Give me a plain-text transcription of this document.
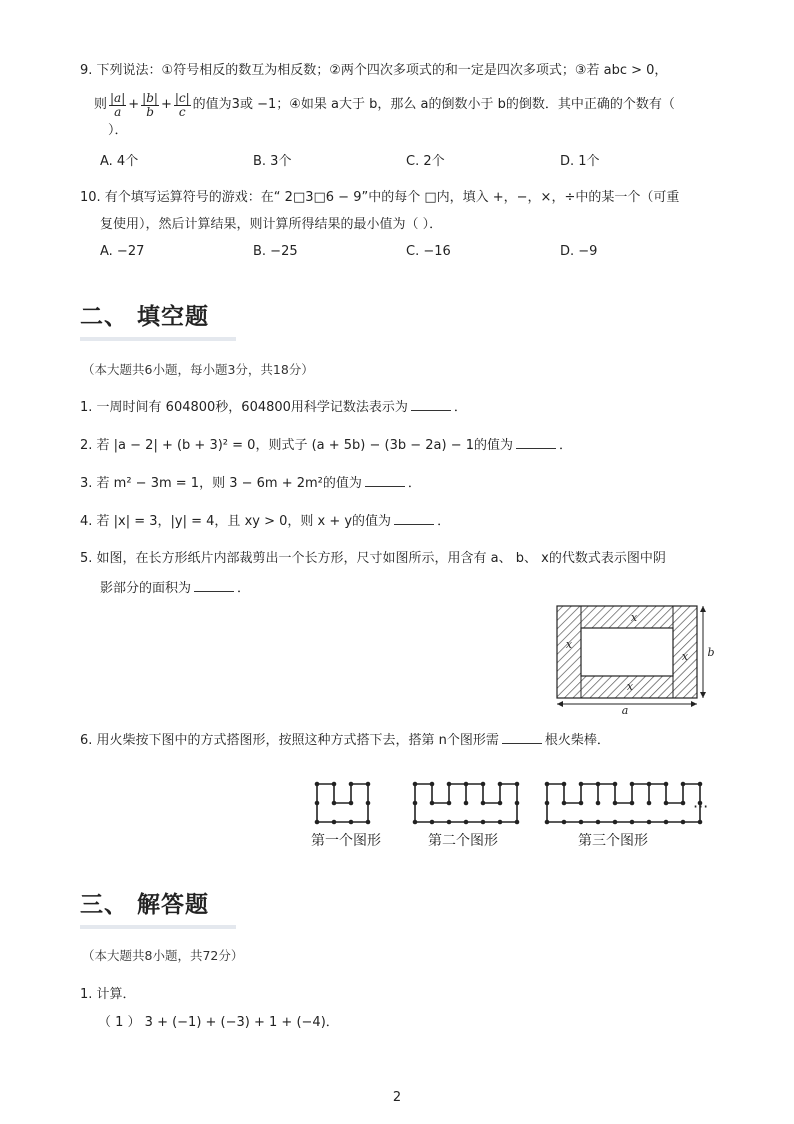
9. 下列说法：①符号相反的数互为相反数；②两个四次多项式的和一定是四次多项式；③若 abc > 0，
则 $\frac{|a|}{a} + \frac{|b|}{b} + \frac{|c|}{c}$ 的值为3或 −1；④如果 a大于 b，那么 a的倒数小于 b的倒数．其中正确的个数有（
）．
A. 4个	B. 3个	C. 2个	D. 1个
10. 有个填写运算符号的游戏：在“ 2□3□6 − 9”中的每个 □内，填入 +，−，×，÷中的某一个（可重
复使用），然后计算结果，则计算所得结果的最小值为（ ）．
A. −27	B. −25	C. −16	D. −9
二、 填空题
（本大题共6小题，每小题3分，共18分）
1. 一周时间有 604800秒，604800用科学记数法表示为	．
2. 若 |a − 2| + (b + 3)² = 0，则式子 (a + 5b) − (3b − 2a) − 1的值为	．
3. 若 m² − 3m = 1，则 3 − 6m + 2m²的值为	．
4. 若 |x| = 3，|y| = 4，且 xy > 0，则 x + y的值为	．
5. 如图，在长方形纸片内部裁剪出一个长方形，尺寸如图所示，用含有 a、 b、 x的代数式表示图中阴
影部分的面积为	．
x
x
x
x
a
b
6. 用火柴按下图中的方式搭图形，按照这种方式搭下去，搭第 n个图形需	根火柴棒．
···
第一个图形	第二个图形	第三个图形
三、 解答题
（本大题共8小题，共72分）
1. 计算．
（ 1 ） 3 + (−1) + (−3) + 1 + (−4)．
2
